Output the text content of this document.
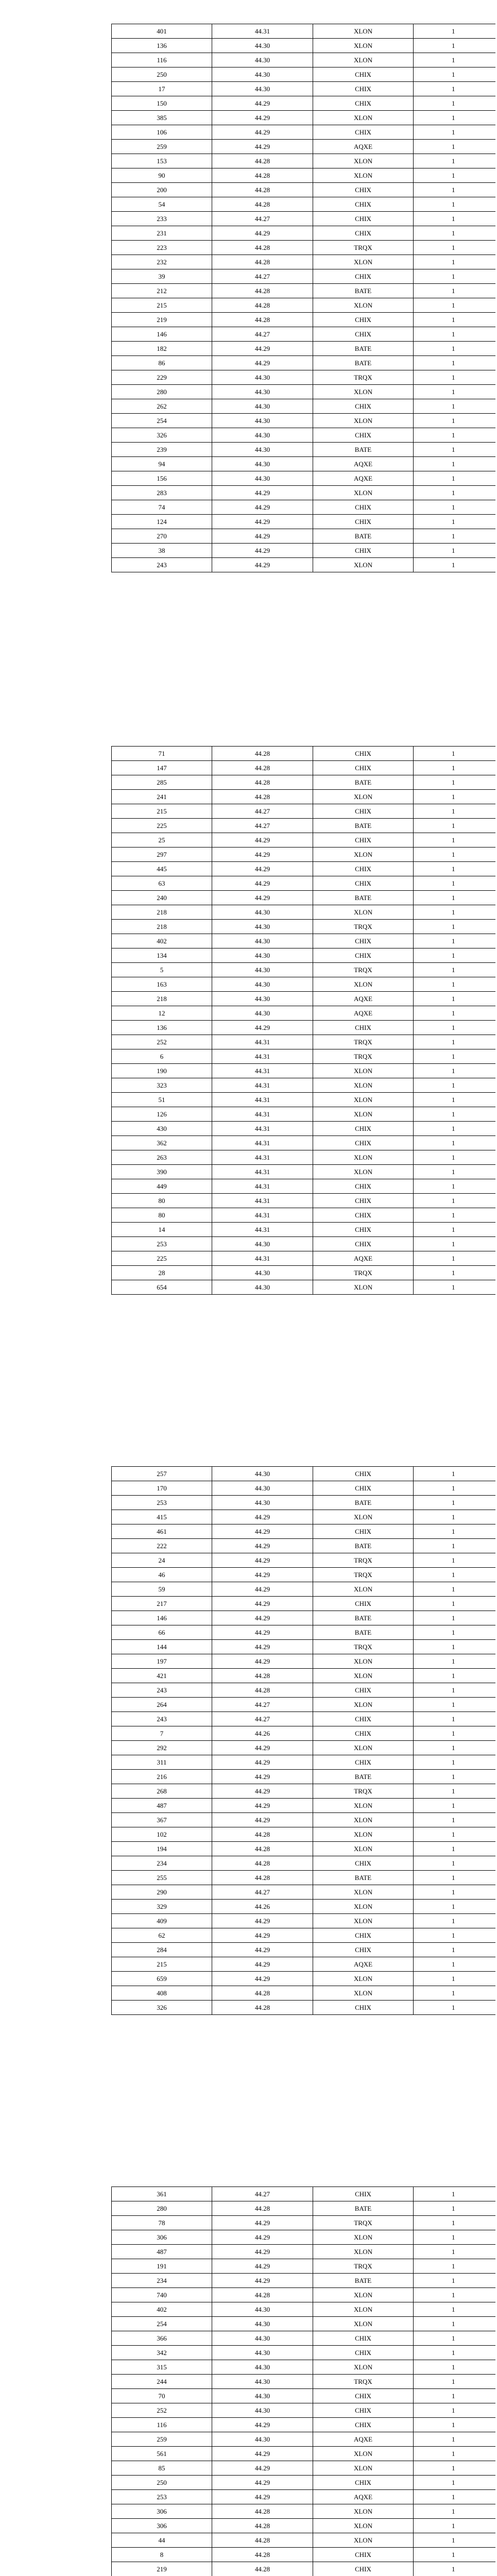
401	44.31	XLON	1
136	44.30	XLON	1
116	44.30	XLON	1
250	44.30	CHIX	1
17	44.30	CHIX	1
150	44.29	CHIX	1
385	44.29	XLON	1
106	44.29	CHIX	1
259	44.29	AQXE	1
153	44.28	XLON	1
90	44.28	XLON	1
200	44.28	CHIX	1
54	44.28	CHIX	1
233	44.27	CHIX	1
231	44.29	CHIX	1
223	44.28	TRQX	1
232	44.28	XLON	1
39	44.27	CHIX	1
212	44.28	BATE	1
215	44.28	XLON	1
219	44.28	CHIX	1
146	44.27	CHIX	1
182	44.29	BATE	1
86	44.29	BATE	1
229	44.30	TRQX	1
280	44.30	XLON	1
262	44.30	CHIX	1
254	44.30	XLON	1
326	44.30	CHIX	1
239	44.30	BATE	1
94	44.30	AQXE	1
156	44.30	AQXE	1
283	44.29	XLON	1
74	44.29	CHIX	1
124	44.29	CHIX	1
270	44.29	BATE	1
38	44.29	CHIX	1
243	44.29	XLON	1
71	44.28	CHIX	1
147	44.28	CHIX	1
285	44.28	BATE	1
241	44.28	XLON	1
215	44.27	CHIX	1
225	44.27	BATE	1
25	44.29	CHIX	1
297	44.29	XLON	1
445	44.29	CHIX	1
63	44.29	CHIX	1
240	44.29	BATE	1
218	44.30	XLON	1
218	44.30	TRQX	1
402	44.30	CHIX	1
134	44.30	CHIX	1
5	44.30	TRQX	1
163	44.30	XLON	1
218	44.30	AQXE	1
12	44.30	AQXE	1
136	44.29	CHIX	1
252	44.31	TRQX	1
6	44.31	TRQX	1
190	44.31	XLON	1
323	44.31	XLON	1
51	44.31	XLON	1
126	44.31	XLON	1
430	44.31	CHIX	1
362	44.31	CHIX	1
263	44.31	XLON	1
390	44.31	XLON	1
449	44.31	CHIX	1
80	44.31	CHIX	1
80	44.31	CHIX	1
14	44.31	CHIX	1
253	44.30	CHIX	1
225	44.31	AQXE	1
28	44.30	TRQX	1
654	44.30	XLON	1
257	44.30	CHIX	1
170	44.30	CHIX	1
253	44.30	BATE	1
415	44.29	XLON	1
461	44.29	CHIX	1
222	44.29	BATE	1
24	44.29	TRQX	1
46	44.29	TRQX	1
59	44.29	XLON	1
217	44.29	CHIX	1
146	44.29	BATE	1
66	44.29	BATE	1
144	44.29	TRQX	1
197	44.29	XLON	1
421	44.28	XLON	1
243	44.28	CHIX	1
264	44.27	XLON	1
243	44.27	CHIX	1
7	44.26	CHIX	1
292	44.29	XLON	1
311	44.29	CHIX	1
216	44.29	BATE	1
268	44.29	TRQX	1
487	44.29	XLON	1
367	44.29	XLON	1
102	44.28	XLON	1
194	44.28	XLON	1
234	44.28	CHIX	1
255	44.28	BATE	1
290	44.27	XLON	1
329	44.26	XLON	1
409	44.29	XLON	1
62	44.29	CHIX	1
284	44.29	CHIX	1
215	44.29	AQXE	1
659	44.29	XLON	1
408	44.28	XLON	1
326	44.28	CHIX	1
361	44.27	CHIX	1
280	44.28	BATE	1
78	44.29	TRQX	1
306	44.29	XLON	1
487	44.29	XLON	1
191	44.29	TRQX	1
234	44.29	BATE	1
740	44.28	XLON	1
402	44.30	XLON	1
254	44.30	XLON	1
366	44.30	CHIX	1
342	44.30	CHIX	1
315	44.30	XLON	1
244	44.30	TRQX	1
70	44.30	CHIX	1
252	44.30	CHIX	1
116	44.29	CHIX	1
259	44.30	AQXE	1
561	44.29	XLON	1
85	44.29	XLON	1
250	44.29	CHIX	1
253	44.29	AQXE	1
306	44.28	XLON	1
306	44.28	XLON	1
44	44.28	XLON	1
8	44.28	CHIX	1
219	44.28	CHIX	1
